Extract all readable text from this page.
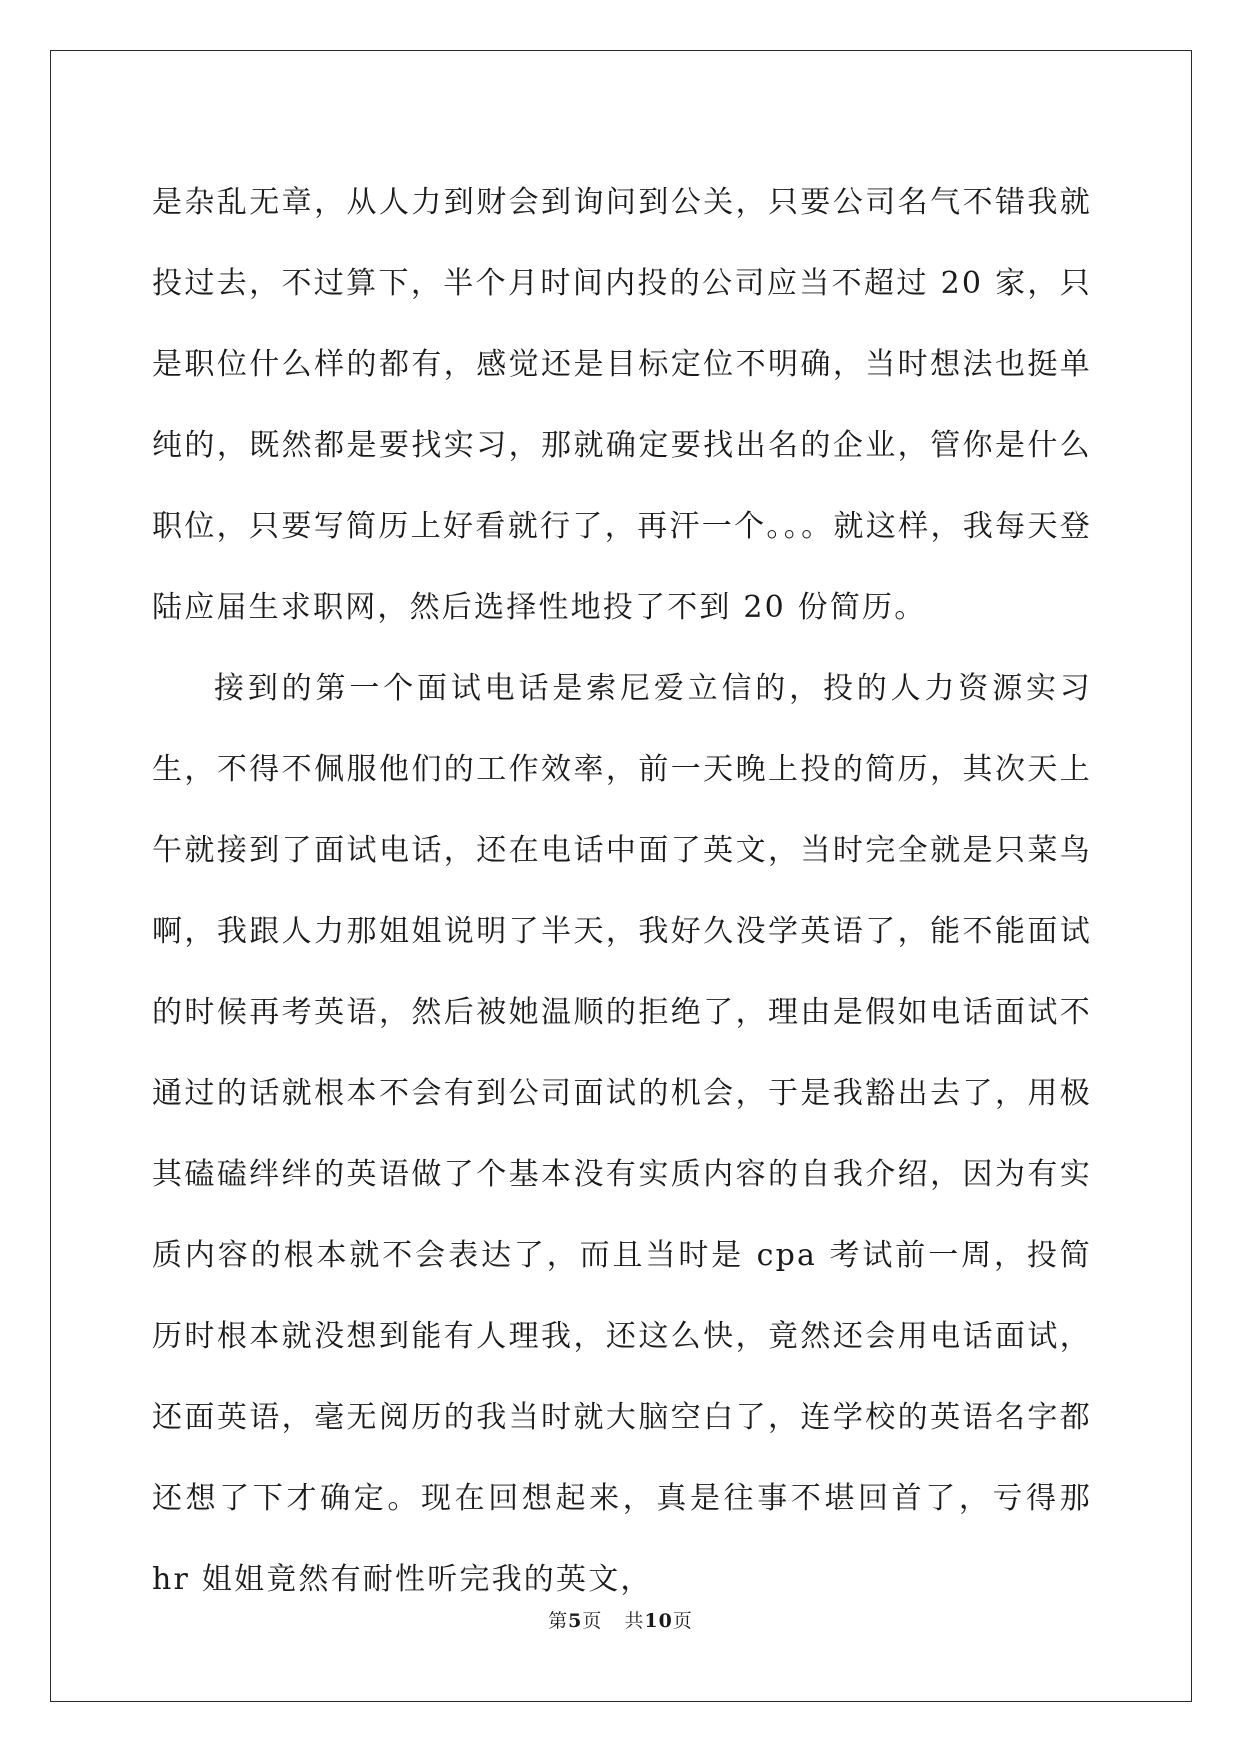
是杂乱无章，从人力到财会到询问到公关，只要公司名气不错我就投过去，不过算下，半个月时间内投的公司应当不超过 20 家，只是职位什么样的都有，感觉还是目标定位不明确，当时想法也挺单纯的，既然都是要找实习，那就确定要找出名的企业，管你是什么职位，只要写简历上好看就行了，再汗一个。。。就这样，我每天登陆应届生求职网，然后选择性地投了不到 20 份简历。

接到的第一个面试电话是索尼爱立信的，投的人力资源实习生，不得不佩服他们的工作效率，前一天晚上投的简历，其次天上午就接到了面试电话，还在电话中面了英文，当时完全就是只菜鸟啊，我跟人力那姐姐说明了半天，我好久没学英语了，能不能面试的时候再考英语，然后被她温顺的拒绝了，理由是假如电话面试不通过的话就根本不会有到公司面试的机会，于是我豁出去了，用极其磕磕绊绊的英语做了个基本没有实质内容的自我介绍，因为有实质内容的根本就不会表达了，而且当时是 cpa 考试前一周，投简历时根本就没想到能有人理我，还这么快，竟然还会用电话面试，还面英语，毫无阅历的我当时就大脑空白了，连学校的英语名字都还想了下才确定。现在回想起来，真是往事不堪回首了，亏得那 hr 姐姐竟然有耐性听完我的英文，

第5页 共10页
